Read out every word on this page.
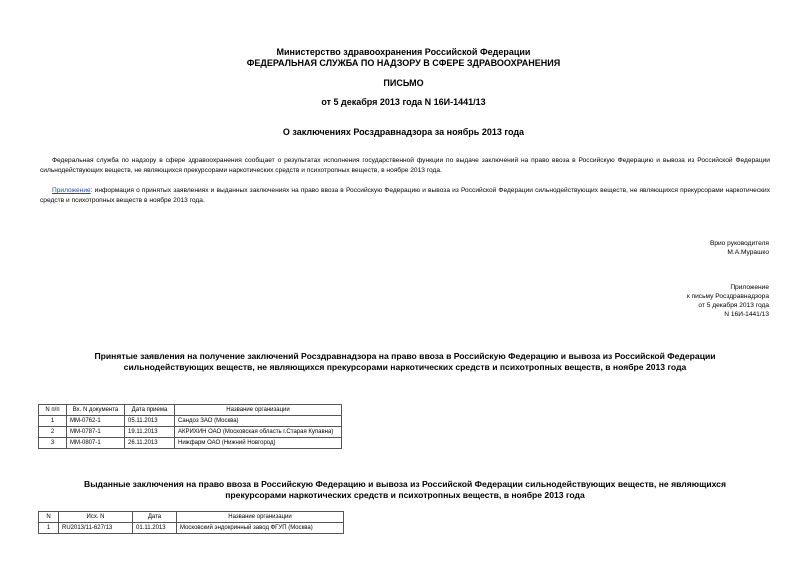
Министерство здравоохранения Российской Федерации
ФЕДЕРАЛЬНАЯ СЛУЖБА ПО НАДЗОРУ В СФЕРЕ ЗДРАВООХРАНЕНИЯ
ПИСЬМО
от 5 декабря 2013 года N 16И-1441/13
О заключениях Росздравнадзора за ноябрь 2013 года
Федеральная служба по надзору в сфере здравоохранения сообщает о результатах исполнения государственной функции по выдаче заключений на право ввоза в Российскую Федерацию и вывоза из Российской Федерации сильнодействующих веществ, не являющихся прекурсорами наркотических средств и психотропных веществ, в ноябре 2013 года.
Приложение: информация о принятых заявлениях и выданных заключениях на право ввоза в Российскую Федерацию и вывоза из Российской Федерации сильнодействующих веществ, не являющихся прекурсорами наркотических средств и психотропных веществ в ноябре 2013 года.
Врио руководителя
М.А.Мурашко
Приложение
к письму Росздравнадзора
от 5 декабря 2013 года
N 16И-1441/13
Принятые заявления на получение заключений Росздравнадзора на право ввоза в Российскую Федерацию и вывоза из Российской Федерации сильнодействующих веществ, не являющихся прекурсорами наркотических средств и психотропных веществ, в ноябре 2013 года
N п/п	Вх. N документа	Дата приема	Название организации
1	ММ-0762-1	05.11.2013	Сандоз ЗАО (Москва)
2	ММ-0787-1	19.11.2013	АКРИХИН ОАО (Московская область г.Старая Купавна)
3	ММ-0807-1	26.11.2013	Нижфарм ОАО (Нижний Новгород)
Выданные заключения на право ввоза в Российскую Федерацию и вывоза из Российской Федерации сильнодействующих веществ, не являющихся прекурсорами наркотических средств и психотропных веществ, в ноябре 2013 года
N	Исх. N	Дата	Название организации
1	RU2013/11-627/13	01.11.2013	Московский эндокринный завод ФГУП (Москва)
